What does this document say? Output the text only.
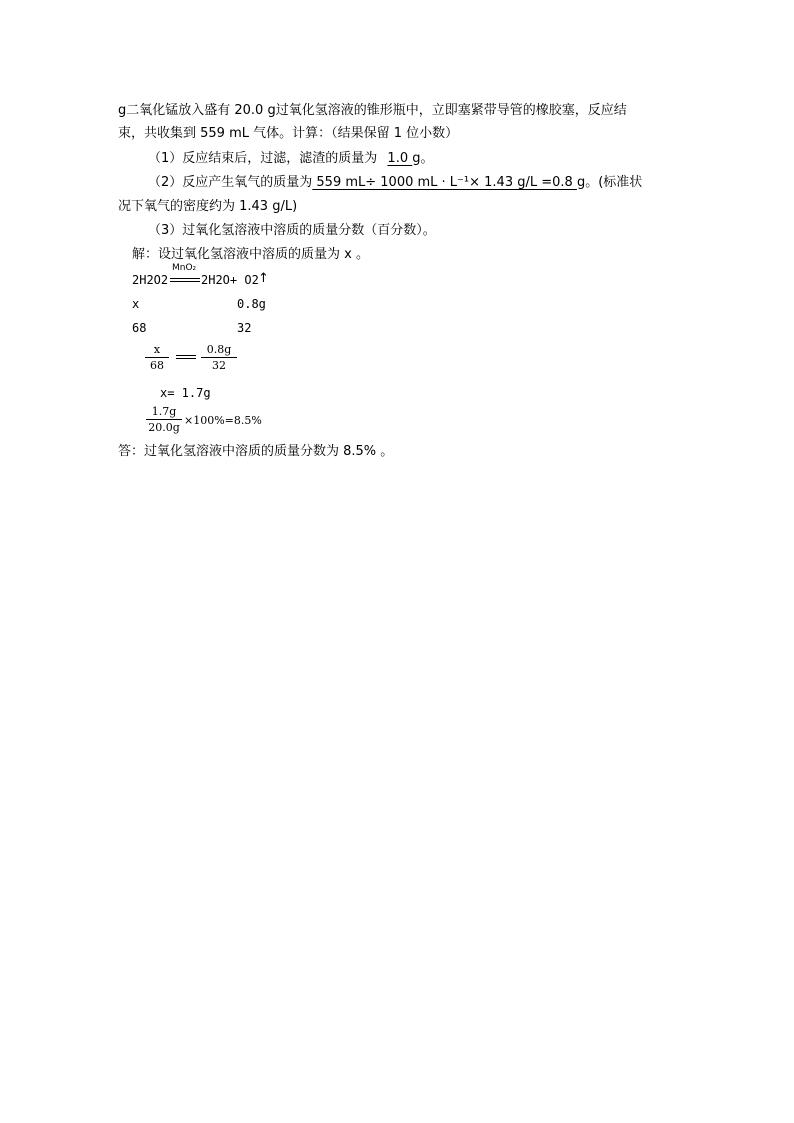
g二氧化锰放入盛有 20.0 g过氧化氢溶液的锥形瓶中，立即塞紧带导管的橡胶塞，反应结
束，共收集到 559 mL 气体。计算：（结果保留 1 位小数）
（1）反应结束后，过滤，滤渣的质量为 1.0 g。
（2）反应产生氧气的质量为 559 mL÷ 1000 mL · L⁻¹× 1.43 g/L =0.8 g。(标准状
况下氧气的密度约为 1.43 g/L)
（3）过氧化氢溶液中溶质的质量分数（百分数）。
解：设过氧化氢溶液中溶质的质量为 x 。
2H2O2
MnO₂
2H2O+ O2 ↑
x	0.8g
68	32
x
68
0.8g
32
x= 1.7g
1.7g
20.0g
×100%=8.5%
答：过氧化氢溶液中溶质的质量分数为 8.5% 。
